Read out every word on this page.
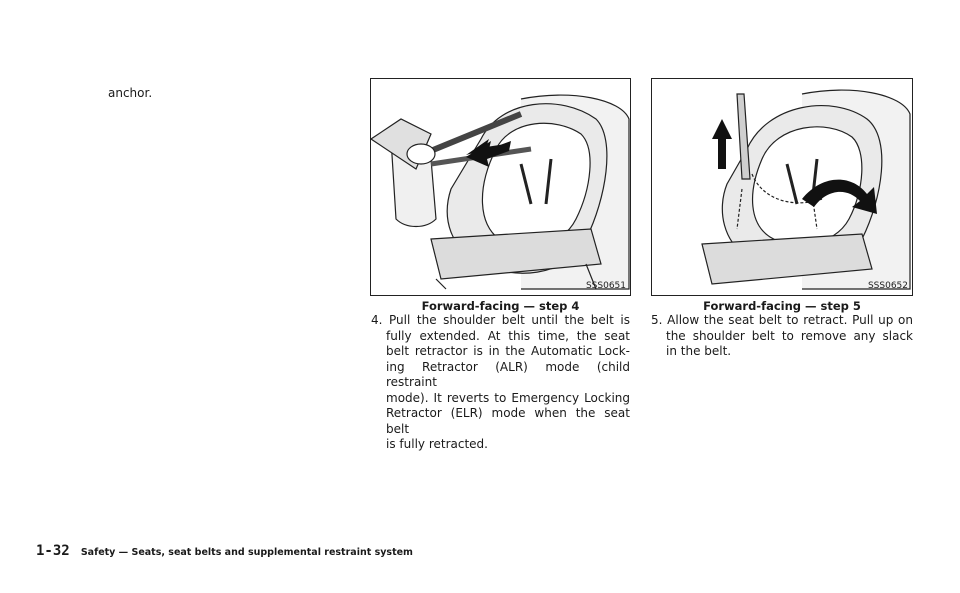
anchor.
SSS0651
Forward-facing — step 4
SSS0652
Forward-facing — step 5
4. Pull the shoulder belt until the belt is
fully extended. At this time, the seat
belt retractor is in the Automatic Lock-
ing Retractor (ALR) mode (child restraint
mode). It reverts to Emergency Locking
Retractor (ELR) mode when the seat belt
is fully retracted.
5. Allow the seat belt to retract. Pull up on
the shoulder belt to remove any slack
in the belt.
1-32 Safety — Seats, seat belts and supplemental restraint system
